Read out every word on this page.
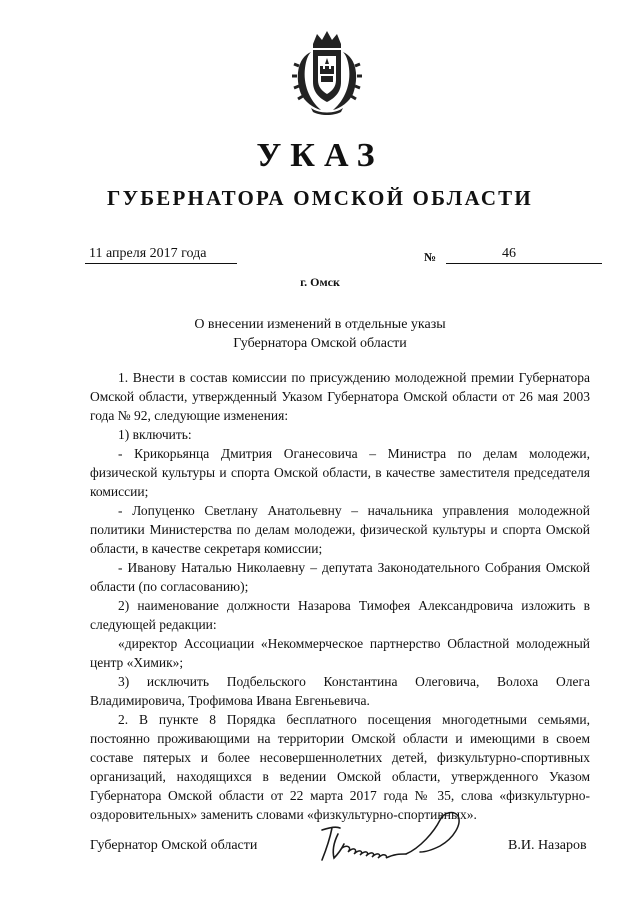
УКАЗ
ГУБЕРНАТОРА ОМСКОЙ ОБЛАСТИ
11 апреля 2017 года	№	46
г. Омск
О внесении изменений в отдельные указы
Губернатора Омской области

1. Внести в состав комиссии по присуждению молодежной премии Губернатора Омской области, утвержденный Указом Губернатора Омской области от 26 мая 2003 года № 92, следующие изменения:

1) включить:

- Крикорьянца Дмитрия Оганесовича – Министра по делам молодежи, физической культуры и спорта Омской области, в качестве заместителя председателя комиссии;

- Лопуценко Светлану Анатольевну – начальника управления молодежной политики Министерства по делам молодежи, физической культуры и спорта Омской области, в качестве секретаря комиссии;

- Иванову Наталью Николаевну – депутата Законодательного Собрания Омской области (по согласованию);

2) наименование должности Назарова Тимофея Александровича изложить в следующей редакции:

«директор Ассоциации «Некоммерческое партнерство Областной молодежный центр «Химик»;

3) исключить Подбельского Константина Олеговича, Волоха Олега Владимировича, Трофимова Ивана Евгеньевича.

2. В пункте 8 Порядка бесплатного посещения многодетными семьями, постоянно проживающими на территории Омской области и имеющими в своем составе пятерых и более несовершеннолетних детей, физкультурно-спортивных организаций, находящихся в ведении Омской области, утвержденного Указом Губернатора Омской области от 22 марта 2017 года № 35, слова «физкультурно-оздоровительных» заменить словами «физкультурно-спортивных».

Губернатор Омской области	В.И. Назаров
